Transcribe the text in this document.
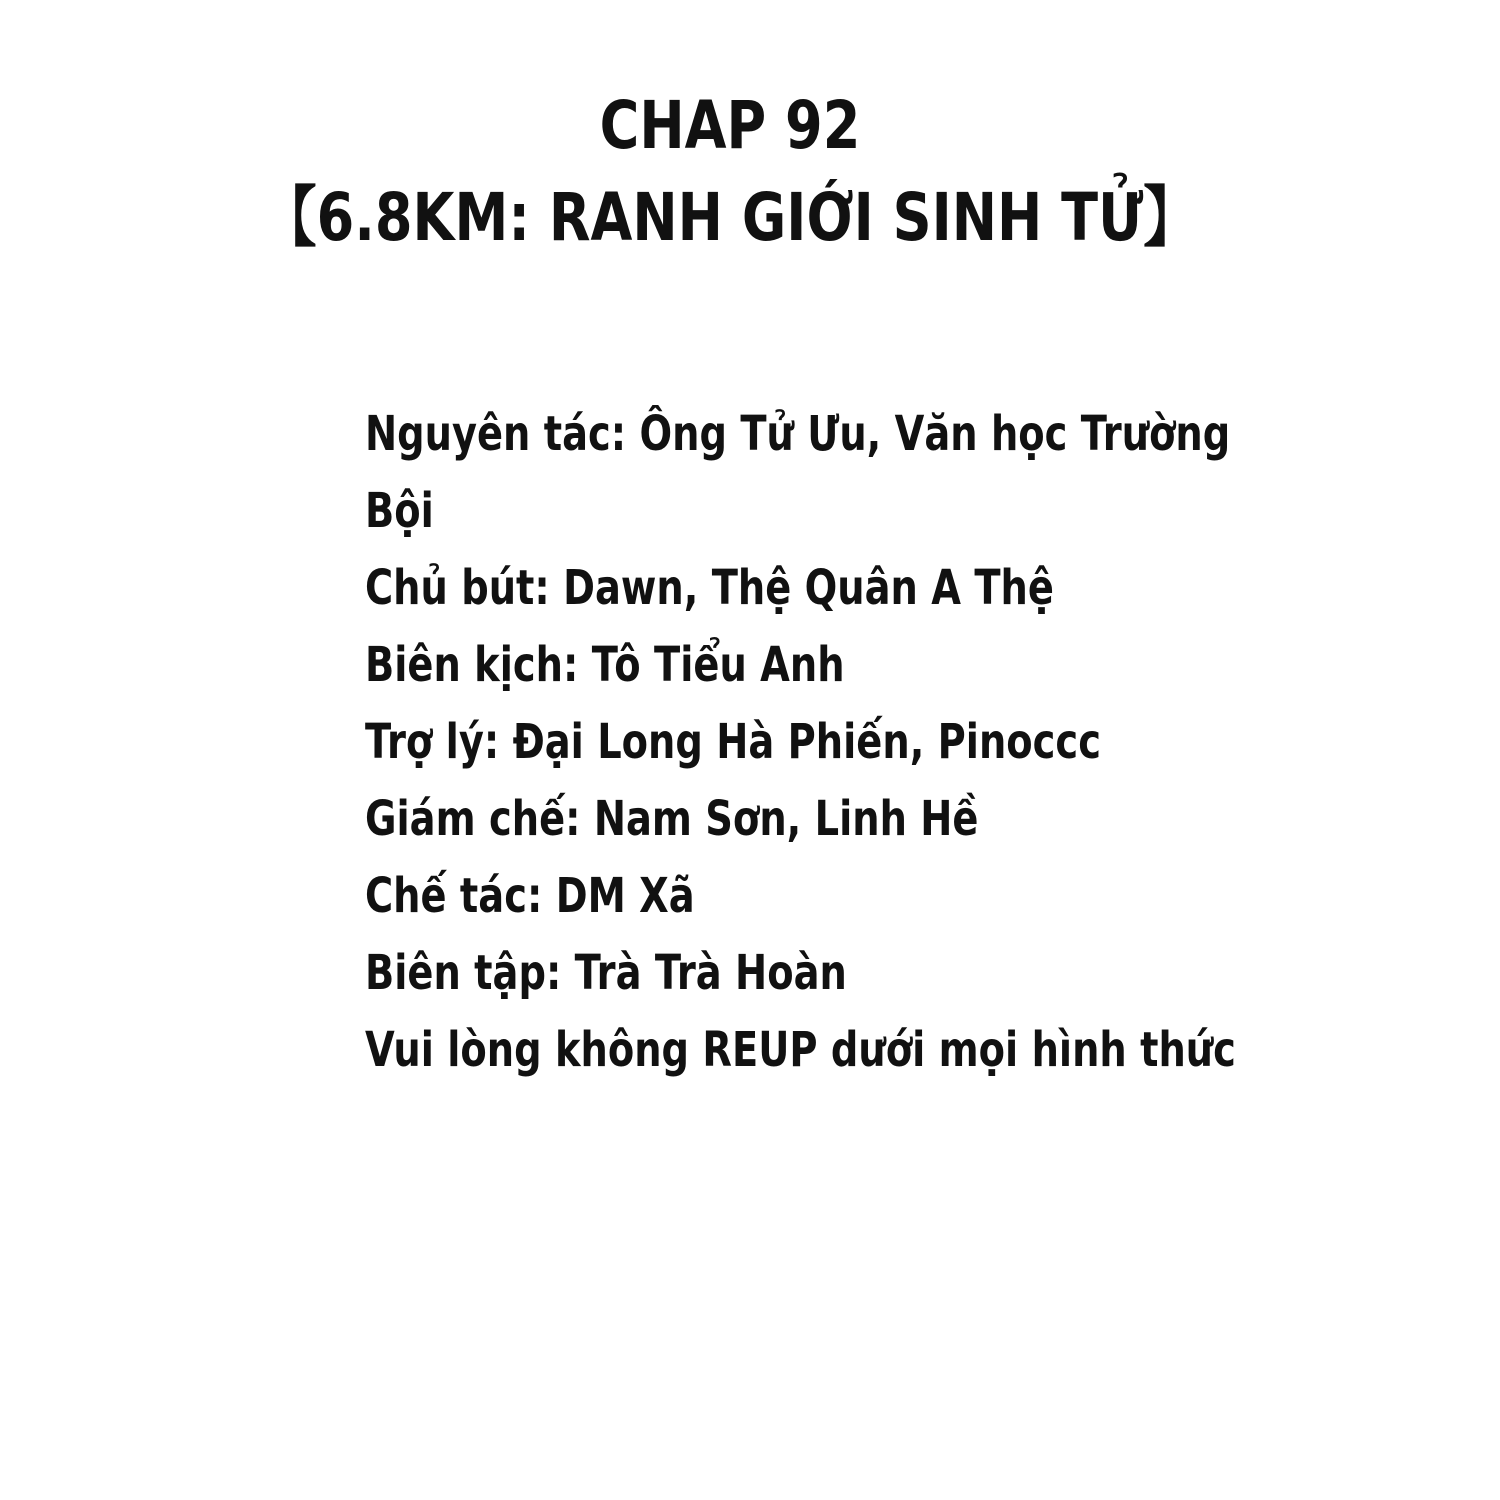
CHAP 92
【6.8KM: RANH GIỚI SINH TỬ】
Nguyên tác: Ông Tử Ưu, Văn học Trường
Bội
Chủ bút: Dawn, Thệ Quân A Thệ
Biên kịch: Tô Tiểu Anh
Trợ lý: Đại Long Hà Phiến, Pinoccc
Giám chế: Nam Sơn, Linh Hề
Chế tác: DM Xã
Biên tập: Trà Trà Hoàn
Vui lòng không REUP dưới mọi hình thức
